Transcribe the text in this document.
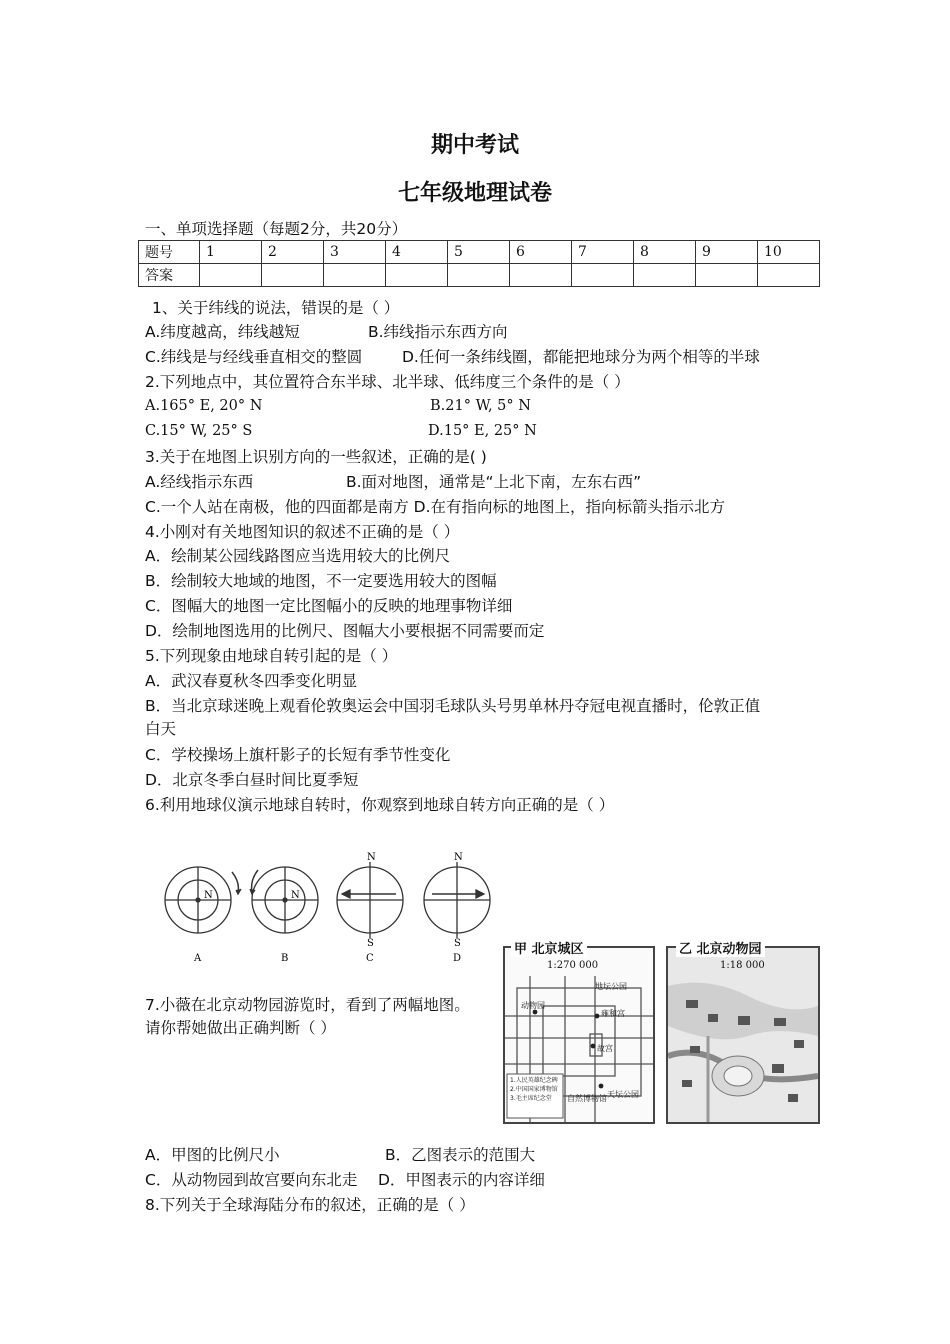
期中考试
七年级地理试卷
一、单项选择题（每题2分，共20分）
题号	1	2	3	4	5	6	7	8	9	10
答案										
1、关于纬线的说法，错误的是（ ）
A.纬度越高，纬线越短	B.纬线指示东西方向
C.纬线是与经线垂直相交的整圆	D.任何一条纬线圈，都能把地球分为两个相等的半球
2.下列地点中，其位置符合东半球、北半球、低纬度三个条件的是（ ）
A.165° E, 20° N	B.21° W, 5° N
C.15° W, 25° S	D.15° E, 25° N
3.关于在地图上识别方向的一些叙述，正确的是( )
A.经线指示东西	B.面对地图，通常是“上北下南，左东右西”
C.一个人站在南极，他的四面都是南方 D.在有指向标的地图上，指向标箭头指示北方
4.小刚对有关地图知识的叙述不正确的是（ ）
A．绘制某公园线路图应当选用较大的比例尺
B．绘制较大地域的地图，不一定要选用较大的图幅
C．图幅大的地图一定比图幅小的反映的地理事物详细
D．绘制地图选用的比例尺、图幅大小要根据不同需要而定
5.下列现象由地球自转引起的是（ ）
A．武汉春夏秋冬四季变化明显
B．当北京球迷晚上观看伦敦奥运会中国羽毛球队头号男单林丹夺冠电视直播时，伦敦正值
白天
C．学校操场上旗杆影子的长短有季节性变化
D．北京冬季白昼时间比夏季短
6.利用地球仪演示地球自转时，你观察到地球自转方向正确的是（ ）
N	N
N
S
N
S
A	B	C	D
7.小薇在北京动物园游览时，看到了两幅地图。
请你帮她做出正确判断（ ）
甲 北京城区
1:270 000
地坛公园
动物园
雍和宫
故宫
天坛公园
自然博物馆
1.人民英雄纪念碑
2.中国国家博物馆
3.毛主席纪念堂
乙 北京动物园
1:18 000
A．甲图的比例尺小	B．乙图表示的范围大
C．从动物园到故宫要向东北走 D．甲图表示的内容详细
8.下列关于全球海陆分布的叙述，正确的是（ ）
